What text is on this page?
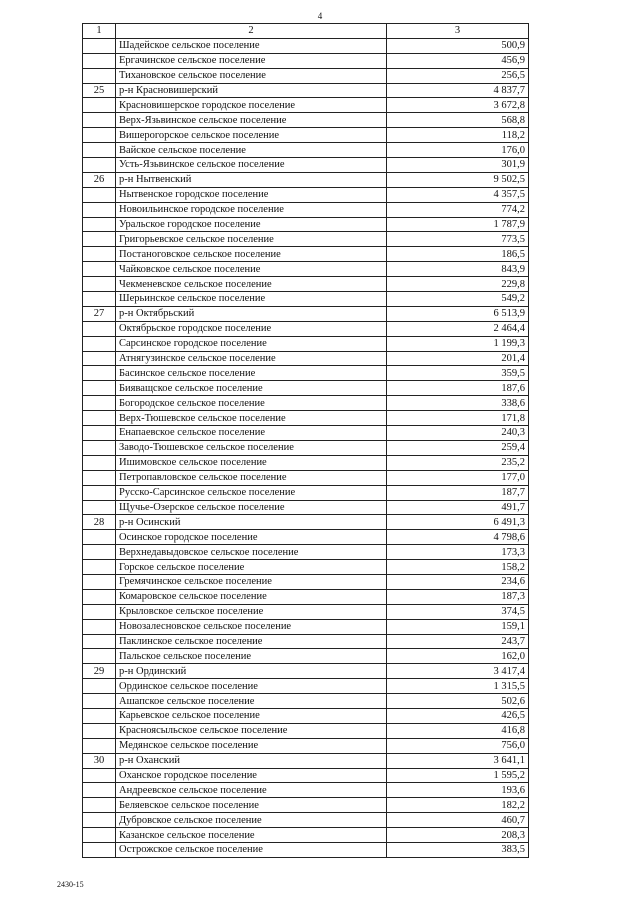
4
1	2	3
	Шадейское сельское поселение	500,9
	Ергачинское сельское поселение	456,9
	Тихановское сельское поселение	256,5
25	р-н Красновишерский	4 837,7
	Красновишерское городское поселение	3 672,8
	Верх-Язьвинское сельское поселение	568,8
	Вишерогорское сельское поселение	118,2
	Вайское сельское поселение	176,0
	Усть-Язьвинское сельское поселение	301,9
26	р-н Нытвенский	9 502,5
	Нытвенское городское поселение	4 357,5
	Новоильинское городское поселение	774,2
	Уральское городское поселение	1 787,9
	Григорьевское сельское поселение	773,5
	Постаноговское сельское поселение	186,5
	Чайковское сельское поселение	843,9
	Чекменевское сельское поселение	229,8
	Шерьинское сельское поселение	549,2
27	р-н Октябрьский	6 513,9
	Октябрьское городское поселение	2 464,4
	Сарсинское городское поселение	1 199,3
	Атнягузинское сельское поселение	201,4
	Басинское сельское поселение	359,5
	Бияващское сельское поселение	187,6
	Богородское сельское поселение	338,6
	Верх-Тюшевское сельское поселение	171,8
	Енапаевское сельское поселение	240,3
	Заводо-Тюшевское сельское поселение	259,4
	Ишимовское сельское поселение	235,2
	Петропавловское сельское поселение	177,0
	Русско-Сарсинское сельское поселение	187,7
	Щучье-Озерское сельское поселение	491,7
28	р-н Осинский	6 491,3
	Осинское городское поселение	4 798,6
	Верхнедавыдовское сельское поселение	173,3
	Горское сельское поселение	158,2
	Гремячинское сельское поселение	234,6
	Комаровское сельское поселение	187,3
	Крыловское сельское поселение	374,5
	Новозалесновское сельское поселение	159,1
	Паклинское сельское поселение	243,7
	Пальское сельское поселение	162,0
29	р-н Ординский	3 417,4
	Ординское сельское поселение	1 315,5
	Ашапское сельское поселение	502,6
	Карьевское сельское поселение	426,5
	Красноясыльское сельское поселение	416,8
	Медянское сельское поселение	756,0
30	р-н Оханский	3 641,1
	Оханское городское поселение	1 595,2
	Андреевское сельское поселение	193,6
	Беляевское сельское поселение	182,2
	Дубровское сельское поселение	460,7
	Казанское сельское поселение	208,3
	Острожское сельское поселение	383,5
2430-15
